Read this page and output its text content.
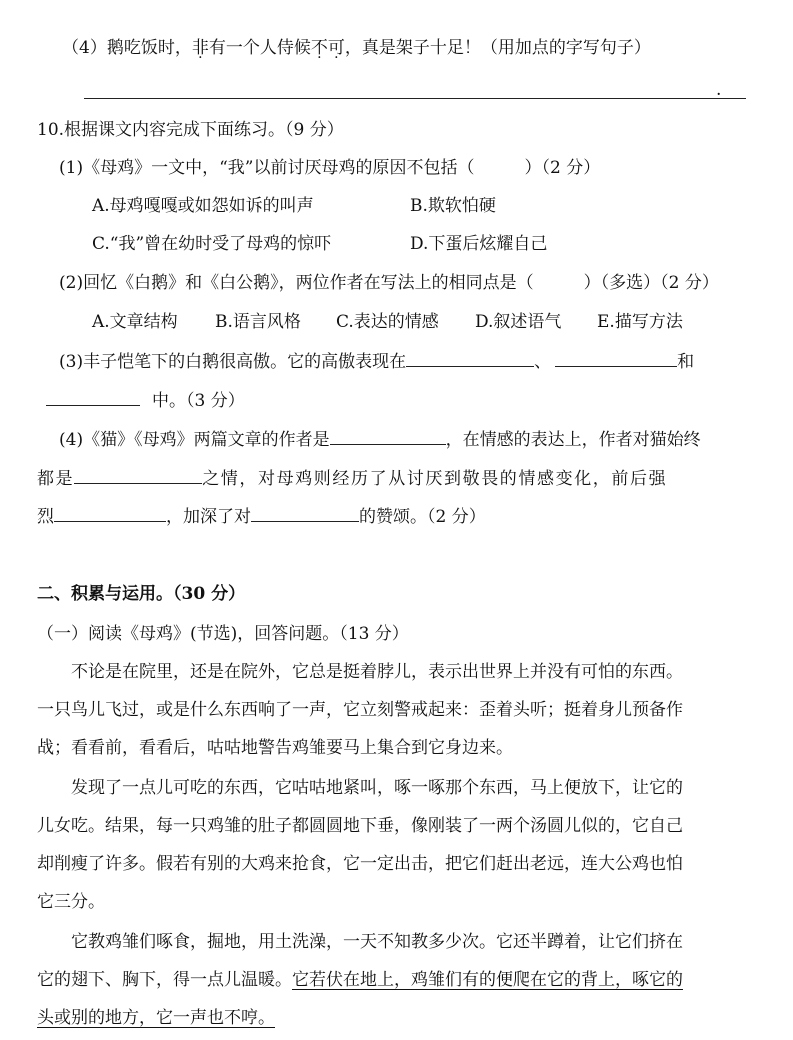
（4）鹅吃饭时，非有一个人侍候不可，真是架子十足！（用加点的字写句子）
.
10.根据课文内容完成下面练习。（9 分）
(1)《母鸡》一文中，“我”以前讨厌母鸡的原因不包括（	）（2 分）
A.母鸡嘎嘎或如怨如诉的叫声	B.欺软怕硬
C.“我”曾在幼时受了母鸡的惊吓	D.下蛋后炫耀自己
(2)回忆《白鹅》和《白公鹅》，两位作者在写法上的相同点是（	）（多选）（2 分）
A.文章结构 B.语言风格 C.表达的情感 D.叙述语气 E.描写方法
(3)丰子恺笔下的白鹅很高傲。它的高傲表现在	、	和
中。（3 分）
(4)《猫》《母鸡》两篇文章的作者是	，在情感的表达上，作者对猫始终
都是	之情，对母鸡则经历了从讨厌到敬畏的情感变化，前后强
烈	，加深了对	的赞颂。（2 分）
二、积累与运用。（30 分）
（一）阅读《母鸡》(节选)，回答问题。（13 分）
不论是在院里，还是在院外，它总是挺着脖儿，表示出世界上并没有可怕的东西。
一只鸟儿飞过，或是什么东西响了一声，它立刻警戒起来：歪着头听；挺着身儿预备作
战；看看前，看看后，咕咕地警告鸡雏要马上集合到它身边来。
发现了一点儿可吃的东西，它咕咕地紧叫，啄一啄那个东西，马上便放下，让它的
儿女吃。结果，每一只鸡雏的肚子都圆圆地下垂，像刚装了一两个汤圆儿似的，它自己
却削瘦了许多。假若有别的大鸡来抢食，它一定出击，把它们赶出老远，连大公鸡也怕
它三分。
它教鸡雏们啄食，掘地，用土洗澡，一天不知教多少次。它还半蹲着，让它们挤在
它的翅下、胸下，得一点儿温暖。它若伏在地上，鸡雏们有的便爬在它的背上，啄它的
头或别的地方，它一声也不哼。
